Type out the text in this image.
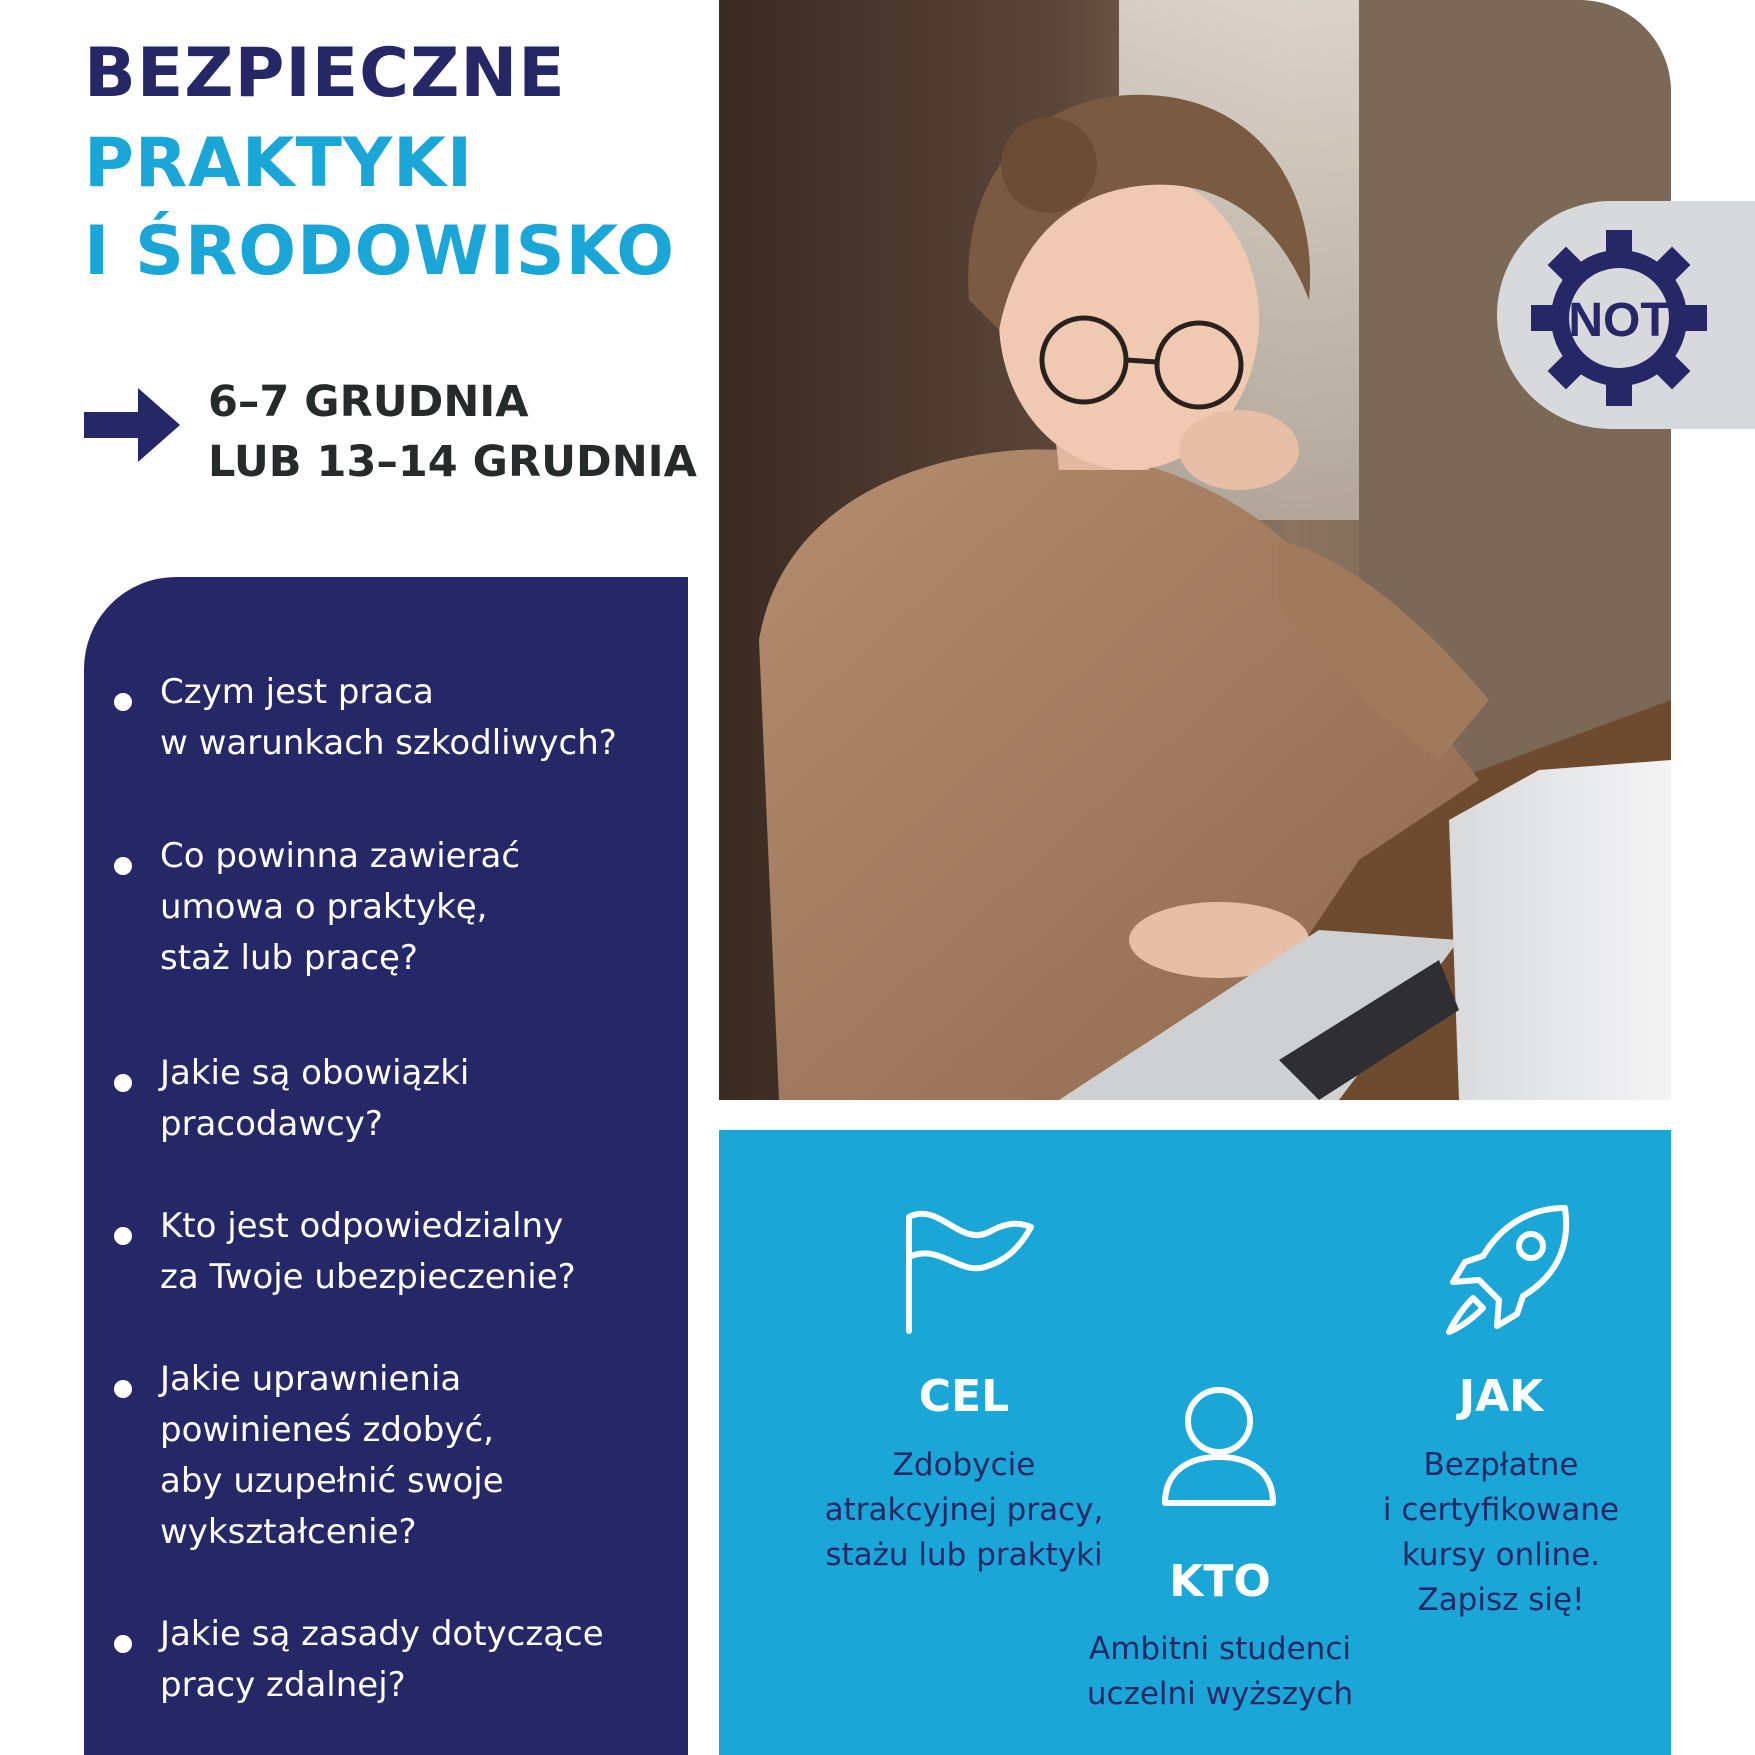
BEZPIECZNE
PRAKTYKI
I ŚRODOWISKO
6–7 GRUDNIA
LUB 13–14 GRUDNIA
Czym jest praca
w warunkach szkodliwych?
Co powinna zawierać
umowa o praktykę,
staż lub pracę?
Jakie są obowiązki
pracodawcy?
Kto jest odpowiedzialny
za Twoje ubezpieczenie?
Jakie uprawnienia
powinieneś zdobyć,
aby uzupełnić swoje
wykształcenie?
Jakie są zasady dotyczące
pracy zdalnej?
NOT
CEL
Zdobycie
atrakcyjnej pracy,
stażu lub praktyki
KTO
Ambitni studenci
uczelni wyższych
JAK
Bezpłatne
i certyfikowane
kursy online.
Zapisz się!
